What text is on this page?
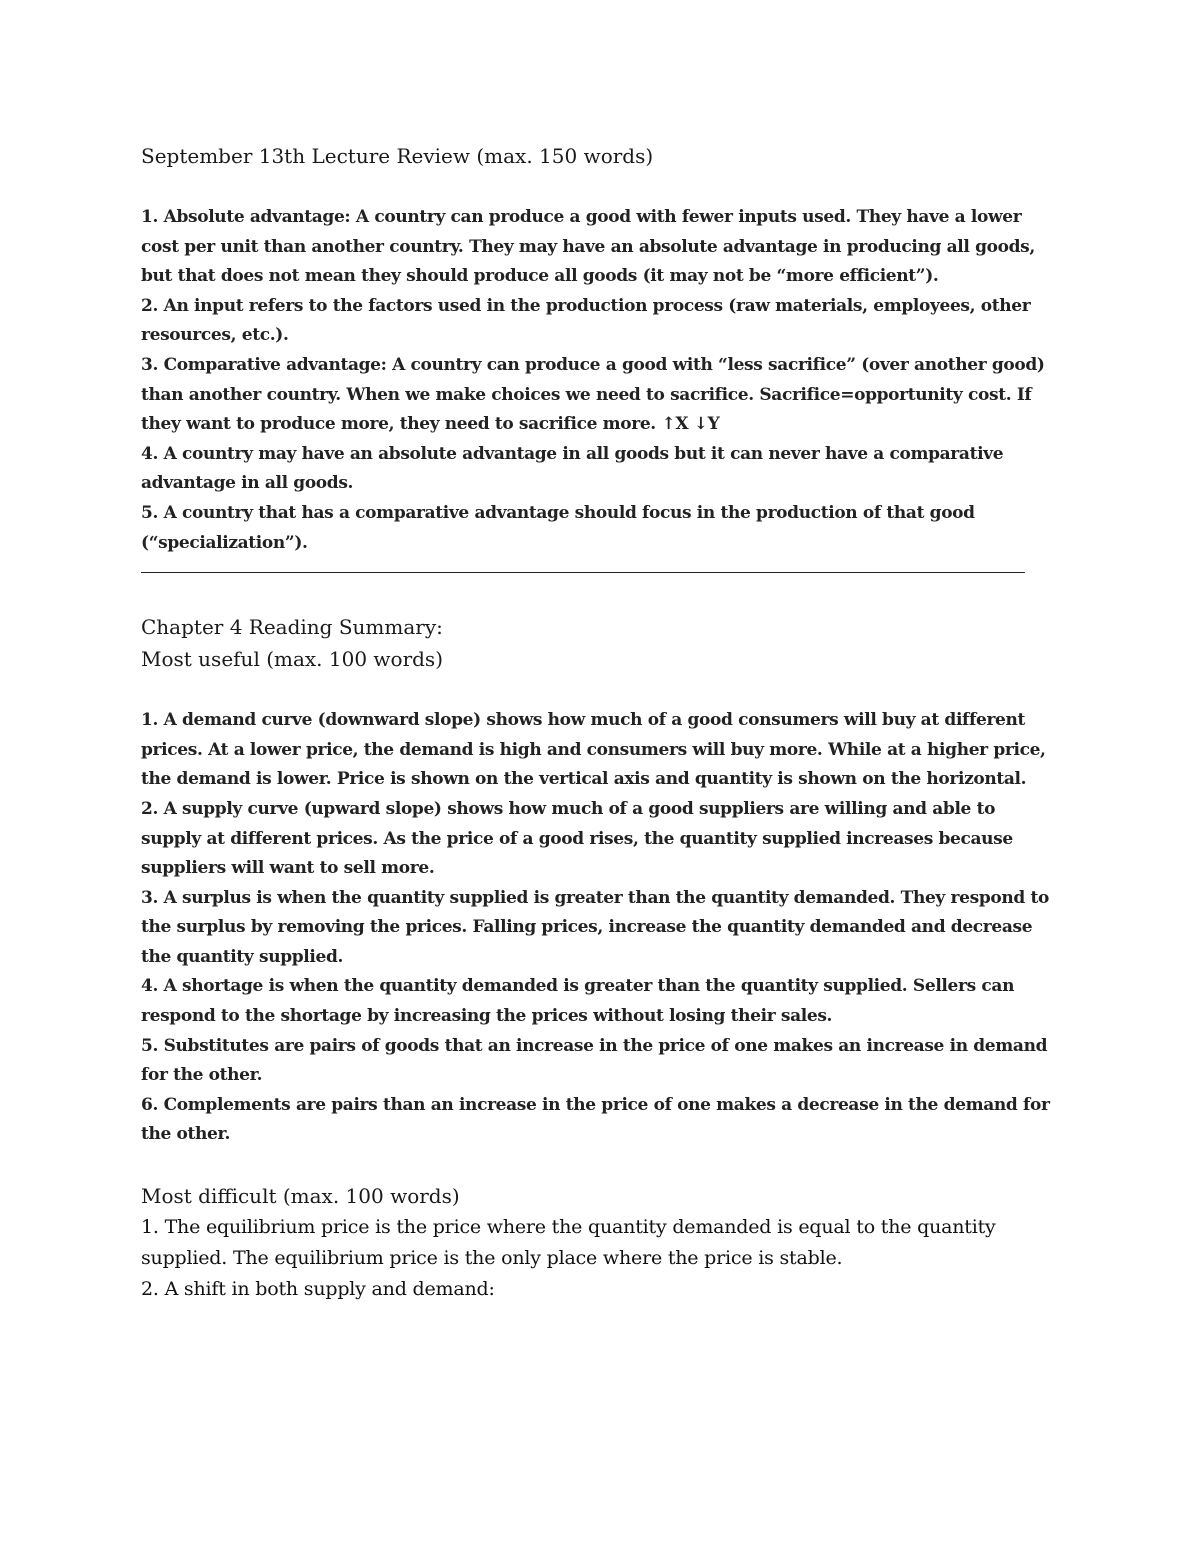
September 13th Lecture Review (max. 150 words)

1. Absolute advantage: A country can produce a good with fewer inputs used. They have a lower cost per unit than another country. They may have an absolute advantage in producing all goods, but that does not mean they should produce all goods (it may not be “more efficient”).

2. An input refers to the factors used in the production process (raw materials, employees, other resources, etc.).

3. Comparative advantage: A country can produce a good with “less sacrifice” (over another good) than another country. When we make choices we need to sacrifice. Sacrifice=opportunity cost. If they want to produce more, they need to sacrifice more. ↑X ↓Y

4. A country may have an absolute advantage in all goods but it can never have a comparative advantage in all goods.

5. A country that has a comparative advantage should focus in the production of that good (“specialization”).

Chapter 4 Reading Summary:

Most useful (max. 100 words)

1. A demand curve (downward slope) shows how much of a good consumers will buy at different prices. At a lower price, the demand is high and consumers will buy more. While at a higher price, the demand is lower. Price is shown on the vertical axis and quantity is shown on the horizontal.

2. A supply curve (upward slope) shows how much of a good suppliers are willing and able to supply at different prices. As the price of a good rises, the quantity supplied increases because suppliers will want to sell more.

3. A surplus is when the quantity supplied is greater than the quantity demanded. They respond to the surplus by removing the prices. Falling prices, increase the quantity demanded and decrease the quantity supplied.

4. A shortage is when the quantity demanded is greater than the quantity supplied. Sellers can respond to the shortage by increasing the prices without losing their sales.

5. Substitutes are pairs of goods that an increase in the price of one makes an increase in demand for the other.

6. Complements are pairs than an increase in the price of one makes a decrease in the demand for the other.

Most difficult (max. 100 words)

1. The equilibrium price is the price where the quantity demanded is equal to the quantity supplied. The equilibrium price is the only place where the price is stable.

2. A shift in both supply and demand:
